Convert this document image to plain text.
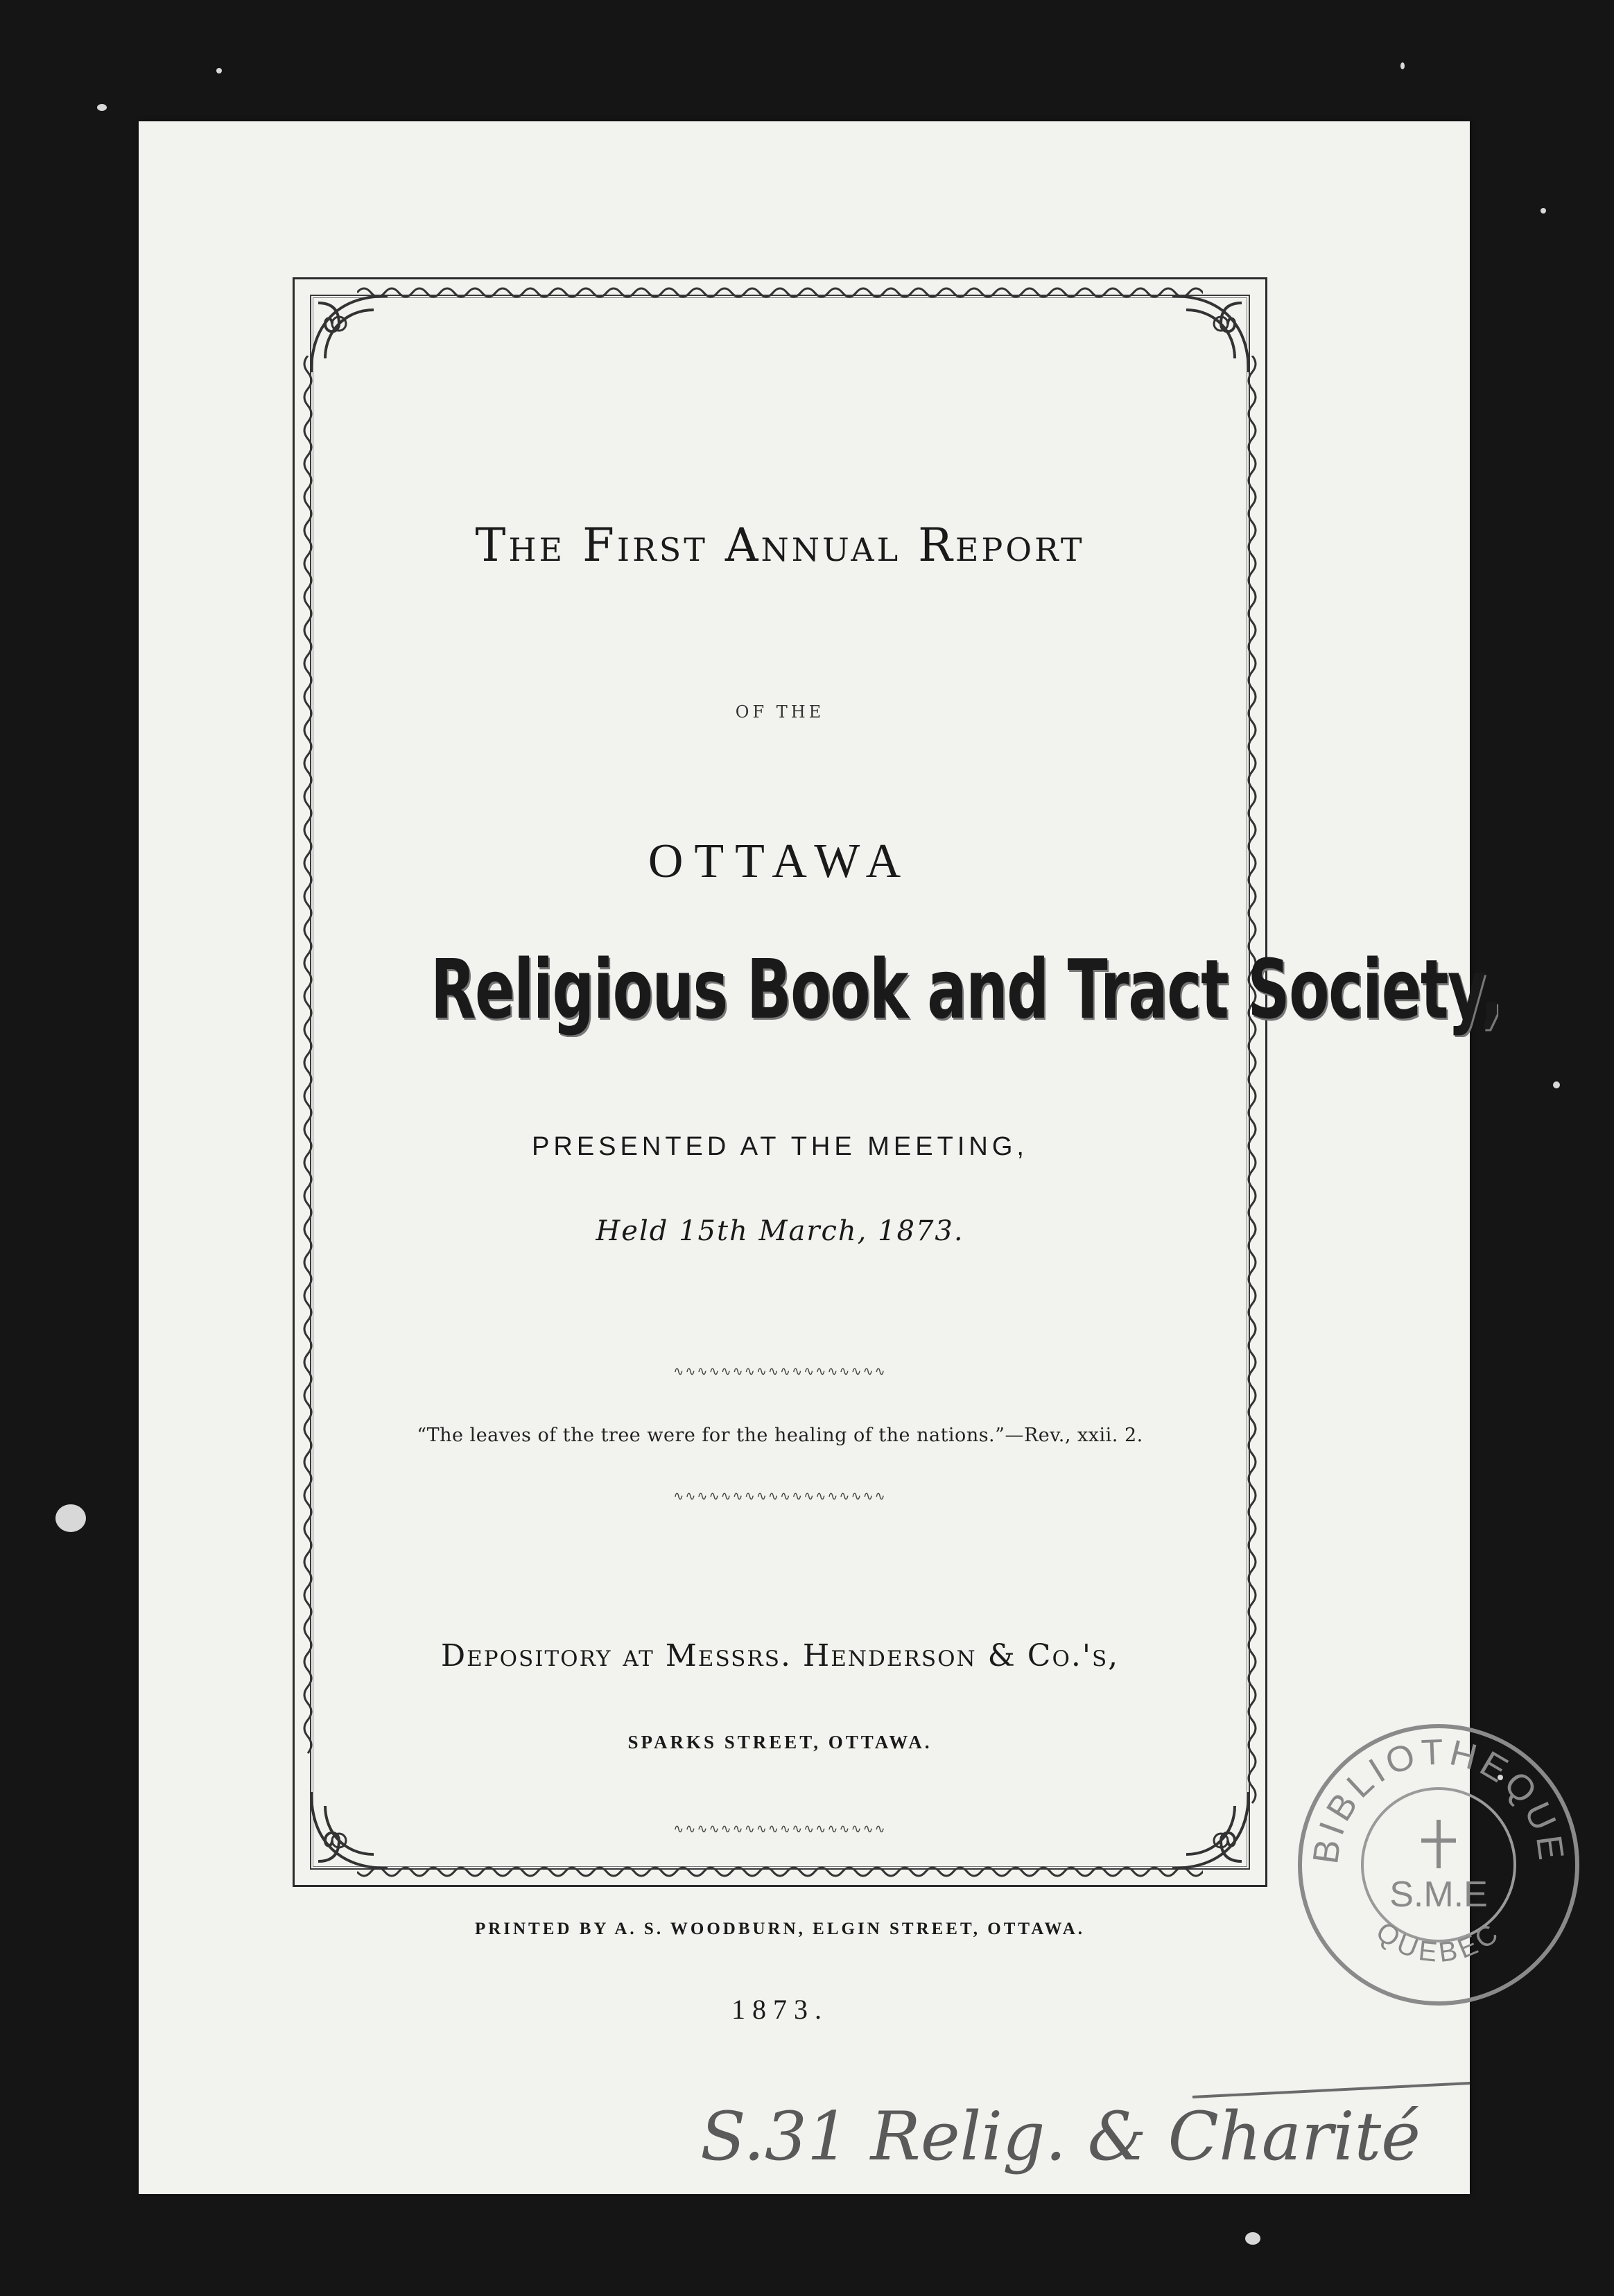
The First Annual Report
OF THE
OTTAWA
Religious Book and Tract Society,
PRESENTED AT THE MEETING,
Held 15th March, 1873.
∿∿∿∿∿∿∿∿∿∿∿∿∿∿∿∿∿∿
“The leaves of the tree were for the healing of the nations.”—Rev., xxii. 2.
∿∿∿∿∿∿∿∿∿∿∿∿∿∿∿∿∿∿
Depository at Messrs. Henderson & Co.'s,
SPARKS STREET, OTTAWA.
∿∿∿∿∿∿∿∿∿∿∿∿∿∿∿∿∿∿
PRINTED BY A. S. WOODBURN, ELGIN STREET, OTTAWA.
1873.
BIBLIOTHEQUE
S.M.E
QUEBEC
S.31 Relig. & Charité
